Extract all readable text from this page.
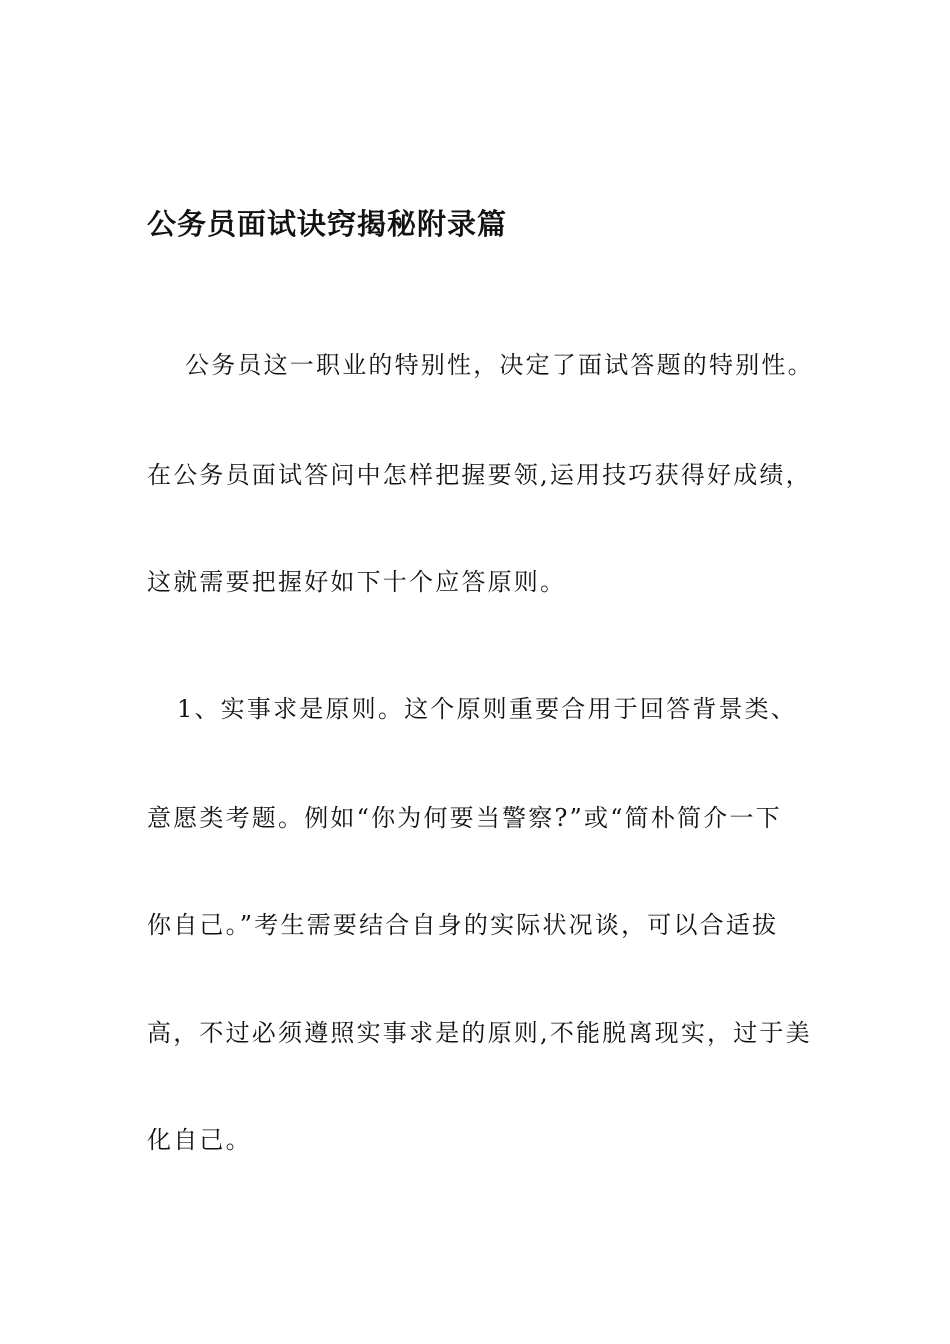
公务员面试诀窍揭秘附录篇
公务员这一职业的特别性，决定了面试答题的特别性。
在公务员面试答问中怎样把握要领,运用技巧获得好成绩，
这就需要把握好如下十个应答原则。
1、实事求是原则。这个原则重要合用于回答背景类、
意愿类考题。例如“你为何要当警察?”或“简朴简介一下
你自己。”考生需要结合自身的实际状况谈，可以合适拔
高，不过必须遵照实事求是的原则,不能脱离现实，过于美
化自己。
